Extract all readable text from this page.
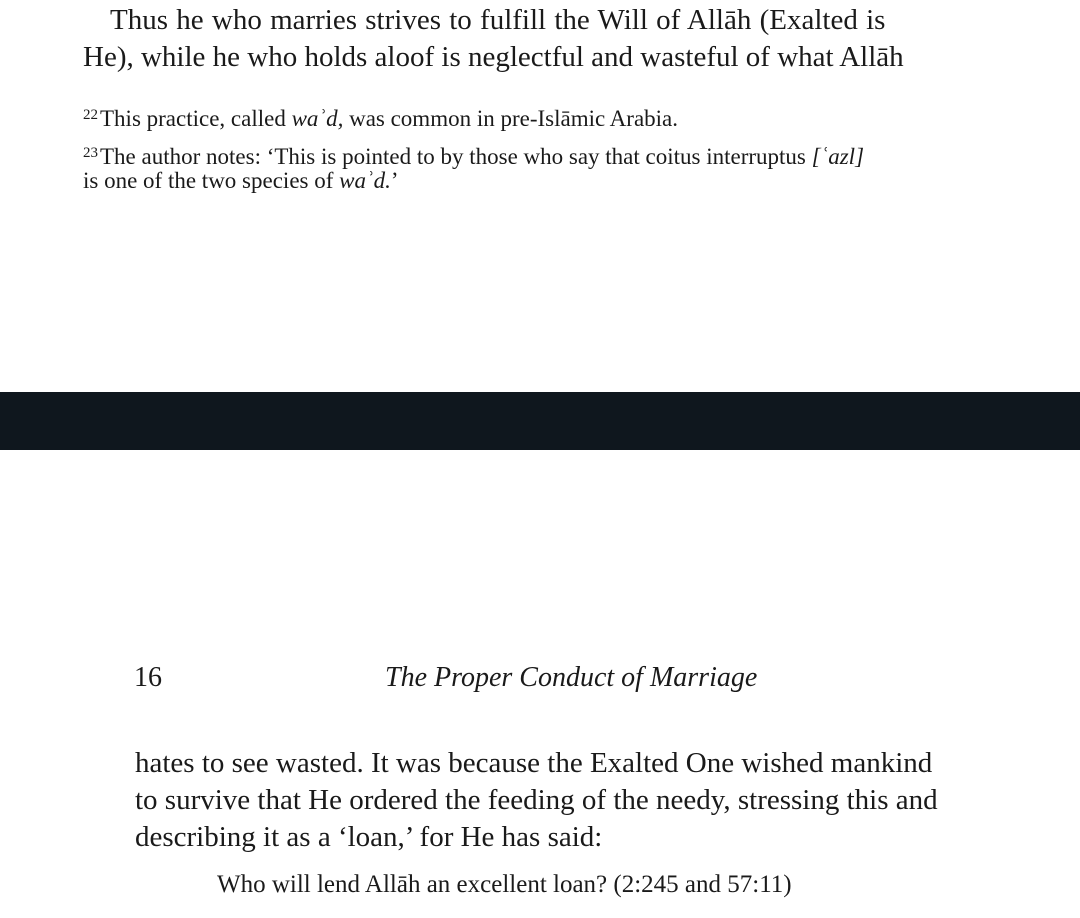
Thus he who marries strives to fulfill the Will of Allāh (Exalted is
He), while he who holds aloof is neglectful and wasteful of what Allāh
$^{22}$This practice, called waʾd, was common in pre-Islāmic Arabia.
$^{23}$The author notes: ‘This is pointed to by those who say that coitus interruptus [ʿazl]
is one of the two species of waʾd.’
16	The Proper Conduct of Marriage
hates to see wasted. It was because the Exalted One wished mankind
to survive that He ordered the feeding of the needy, stressing this and
describing it as a ‘loan,’ for He has said:
Who will lend Allāh an excellent loan? (2:245 and 57:11)
